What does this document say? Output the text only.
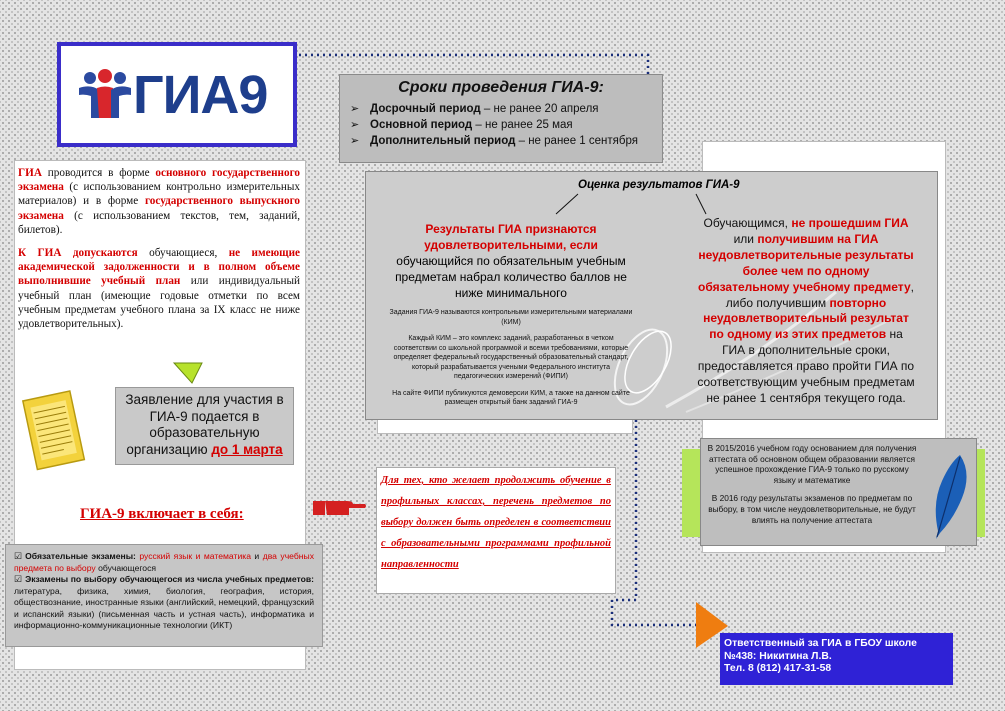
ГИА9

ГИА проводится в форме основного государственного экзамена (с использованием контрольно измерительных материалов) и в форме государственного выпускного экзамена (с использованием текстов, тем, заданий, билетов).

К ГИА допускаются обучающиеся, не имеющие академической задолженности и в полном объеме выполнившие учебный план или индивидуальный учебный план (имеющие годовые отметки по всем учебным предметам учебного плана за IX класс не ниже удовлетворительных).

Заявление для участия в ГИА-9 подается в образовательную организацию до 1 марта
ГИА-9 включает в себя:

☑ Обязательные экзамены: русский язык и математика и два учебных предмета по выбору обучающегося

☑ Экзамены по выбору обучающегося из числа учебных предметов: литература, физика, химия, биология, география, история, обществознание, иностранные языки (английский, немецкий, французский и испанский языки) (письменная часть и устная часть), информатика и информационно-коммуникационные технологии (ИКТ)

Сроки проведения ГИА-9:
➢ Досрочный период – не ранее 20 апреля
➢ Основной период – не ранее 25 мая
➢ Дополнительный период – не ранее 1 сентября
Оценка результатов ГИА-9
Результаты ГИА признаются удовлетворительными, если обучающийся по обязательным учебным предметам набрал количество баллов не ниже минимального
Задания ГИА-9 называются контрольными измерительными материалами (КИМ)
Каждый КИМ – это комплекс заданий, разработанных в четком соответствии со школьной программой и всеми требованиями, которые определяет федеральный государственный образовательный стандарт, который разрабатывается учеными Федерального института педагогических измерений (ФИПИ)
На сайте ФИПИ публикуются демоверсии КИМ, а также на данном сайте размещен открытый банк заданий ГИА-9
Обучающимся, не прошедшим ГИА или получившим на ГИА неудовлетворительные результаты более чем по одному обязательному учебному предмету, либо получившим повторно неудовлетворительный результат по одному из этих предметов на ГИА в дополнительные сроки, предоставляется право пройти ГИА по соответствующим учебным предметам не ранее 1 сентября текущего года.
В 2015/2016 учебном году основанием для получения аттестата об основном общем образовании является успешное прохождение ГИА-9 только по русскому языку и математике
В 2016 году результаты экзаменов по предметам по выбору, в том числе неудовлетворительные, не будут влиять на получение аттестата
Для тех, кто желает продолжить обучение в профильных классах, перечень предметов по выбору должен быть определен в соответствии с образовательными программами профильной направленности
Ответственный за ГИА в ГБОУ школе
№438: Никитина Л.В.
Тел. 8 (812) 417-31-58
